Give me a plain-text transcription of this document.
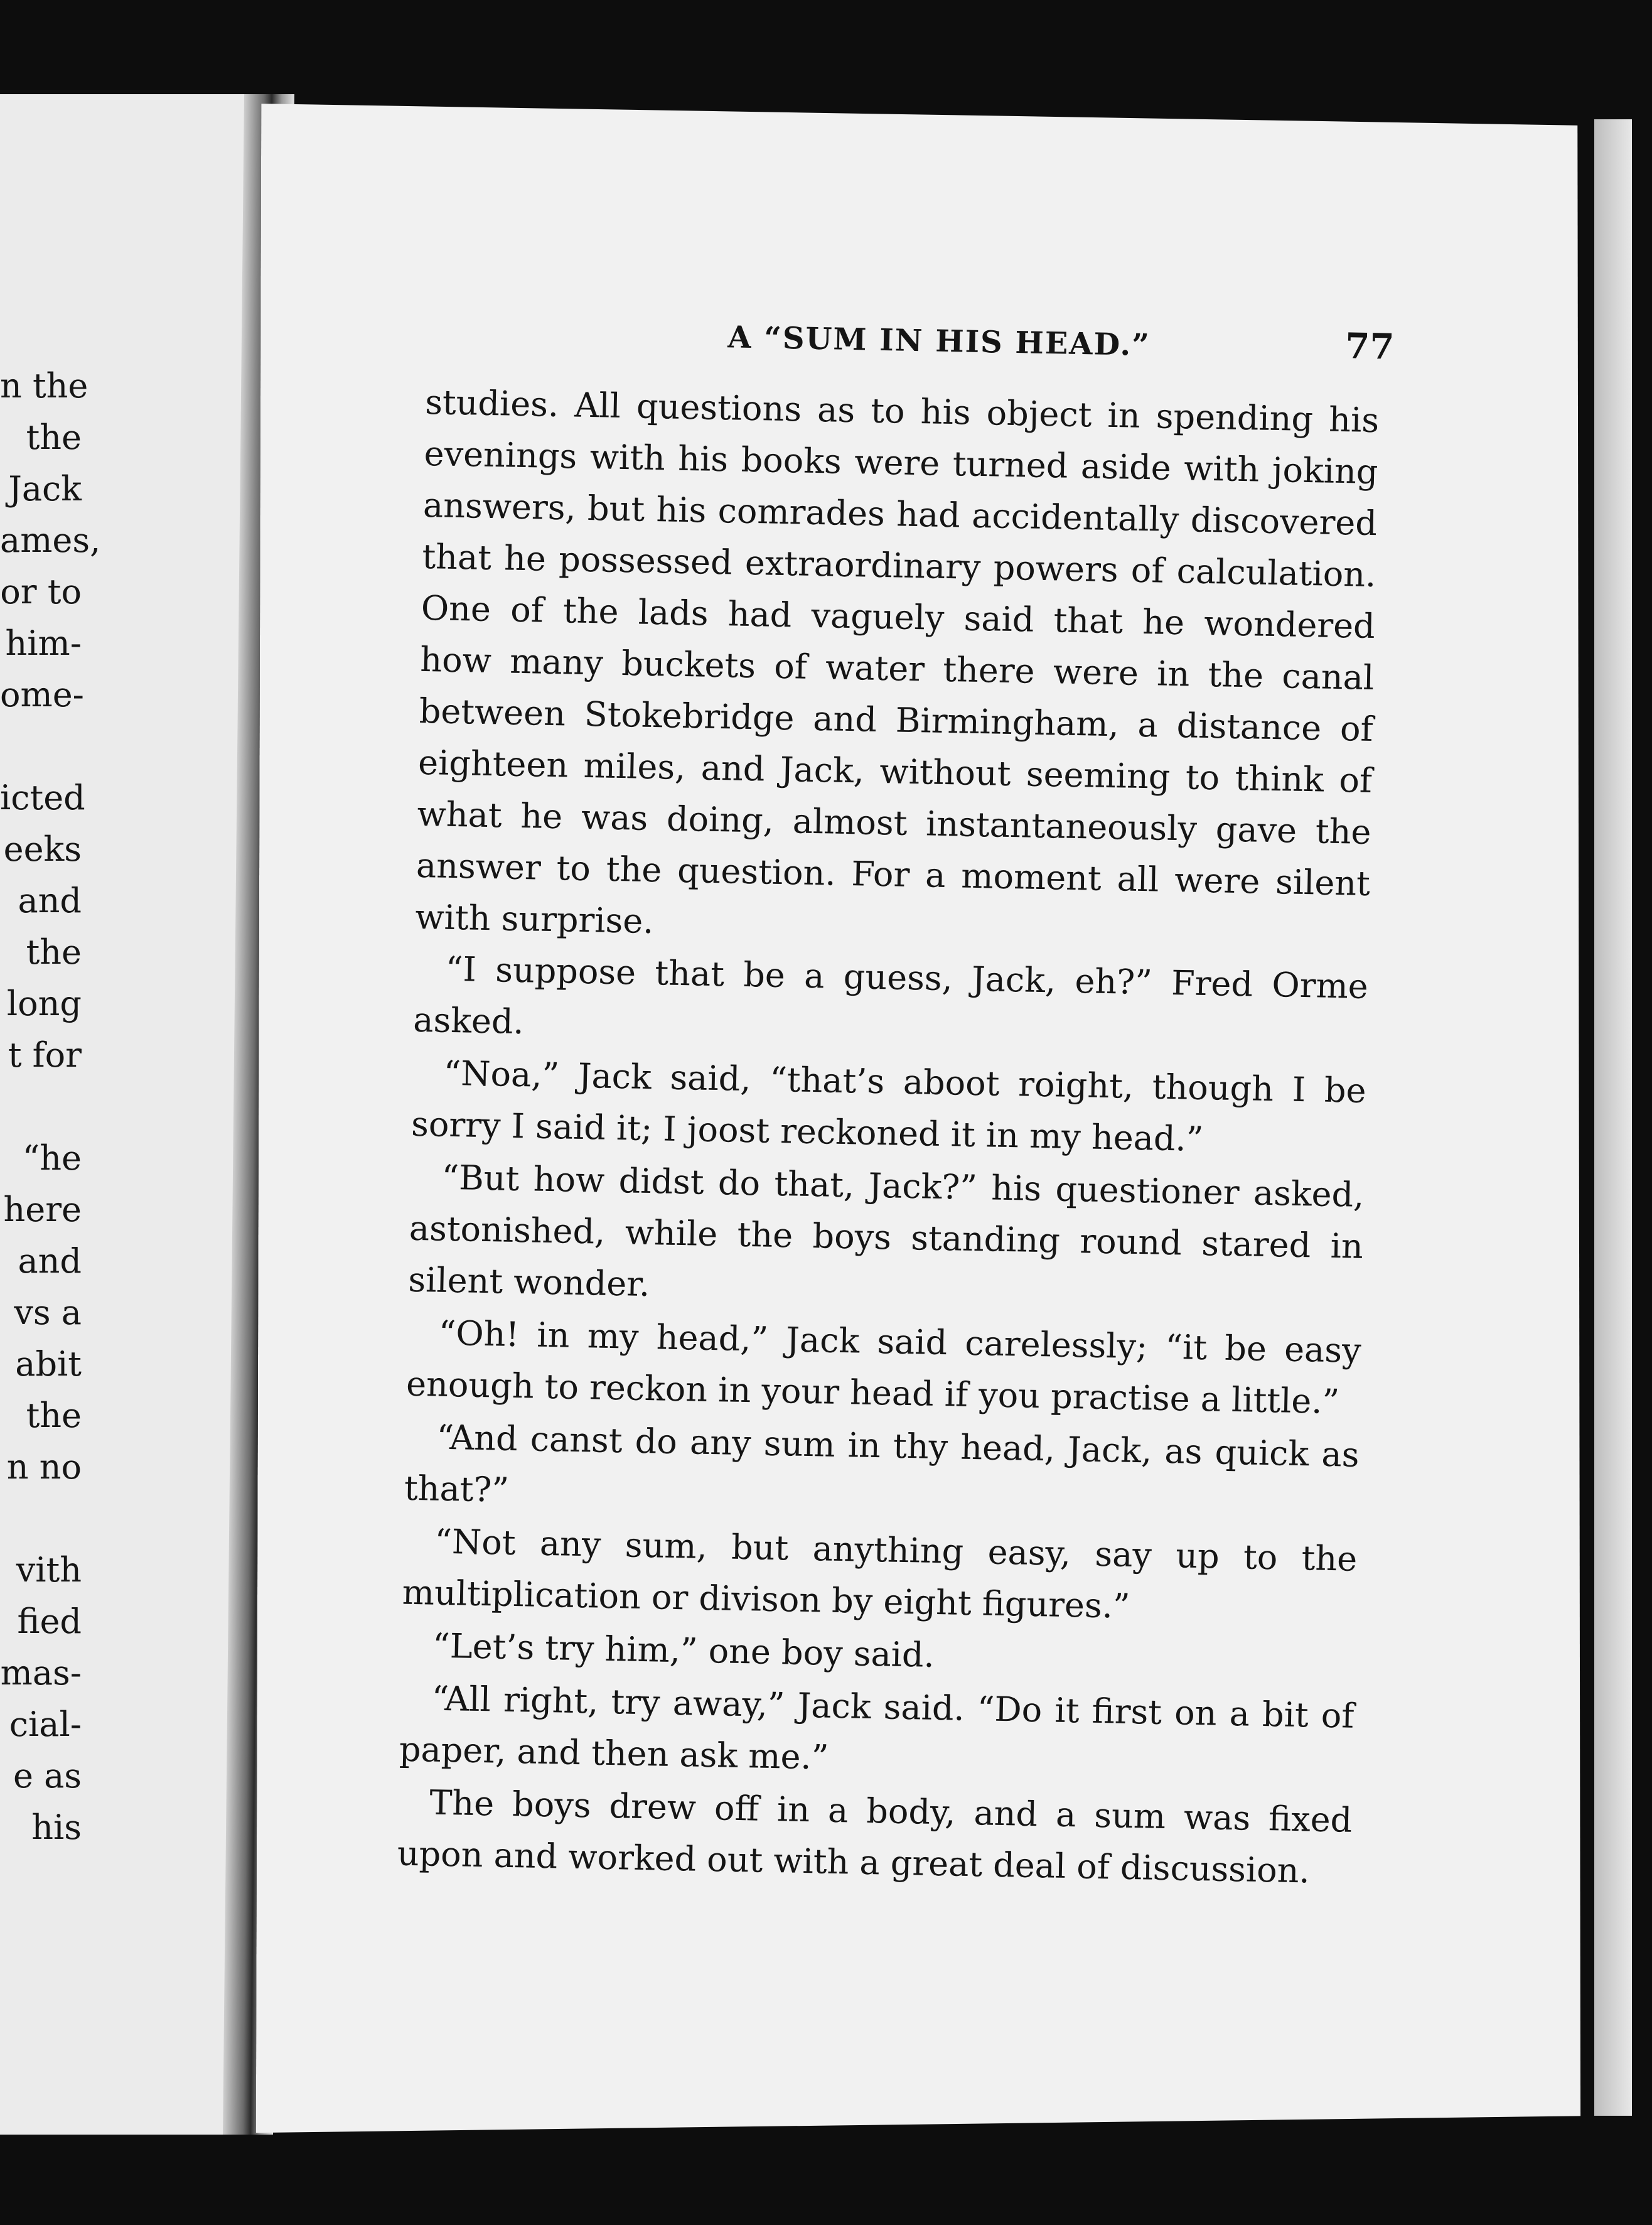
n the
the
Jack
ames,
or to
him-
ome-
icted
eeks
and
the
long
t for
“he
here
and
vs a
abit
the
n no
vith
fied
mas-
cial-
e as
his
A “SUM IN HIS HEAD.”	77

studies. All questions as to his object in spending his evenings with his books were turned aside with joking answers, but his comrades had accidentally discovered that he possessed extraordinary powers of calculation. One of the lads had vaguely said that he wondered how many buckets of water there were in the canal between Stokebridge and Birmingham, a distance of eighteen miles, and Jack, without seeming to think of what he was doing, almost instantaneously gave the answer to the question. For a moment all were silent with surprise.

“I suppose that be a guess, Jack, eh?” Fred Orme asked.

“Noa,” Jack said, “that’s aboot roight, though I be sorry I said it; I joost reckoned it in my head.”

“But how didst do that, Jack?” his questioner asked, astonished, while the boys standing round stared in silent wonder.

“Oh! in my head,” Jack said carelessly; “it be easy enough to reckon in your head if you practise a little.”

“And canst do any sum in thy head, Jack, as quick as that?”

“Not any sum, but anything easy, say up to the multiplication or divison by eight figures.”

“Let’s try him,” one boy said.

“All right, try away,” Jack said. “Do it first on a bit of paper, and then ask me.”

The boys drew off in a body, and a sum was fixed upon and worked out with a great deal of discussion.
